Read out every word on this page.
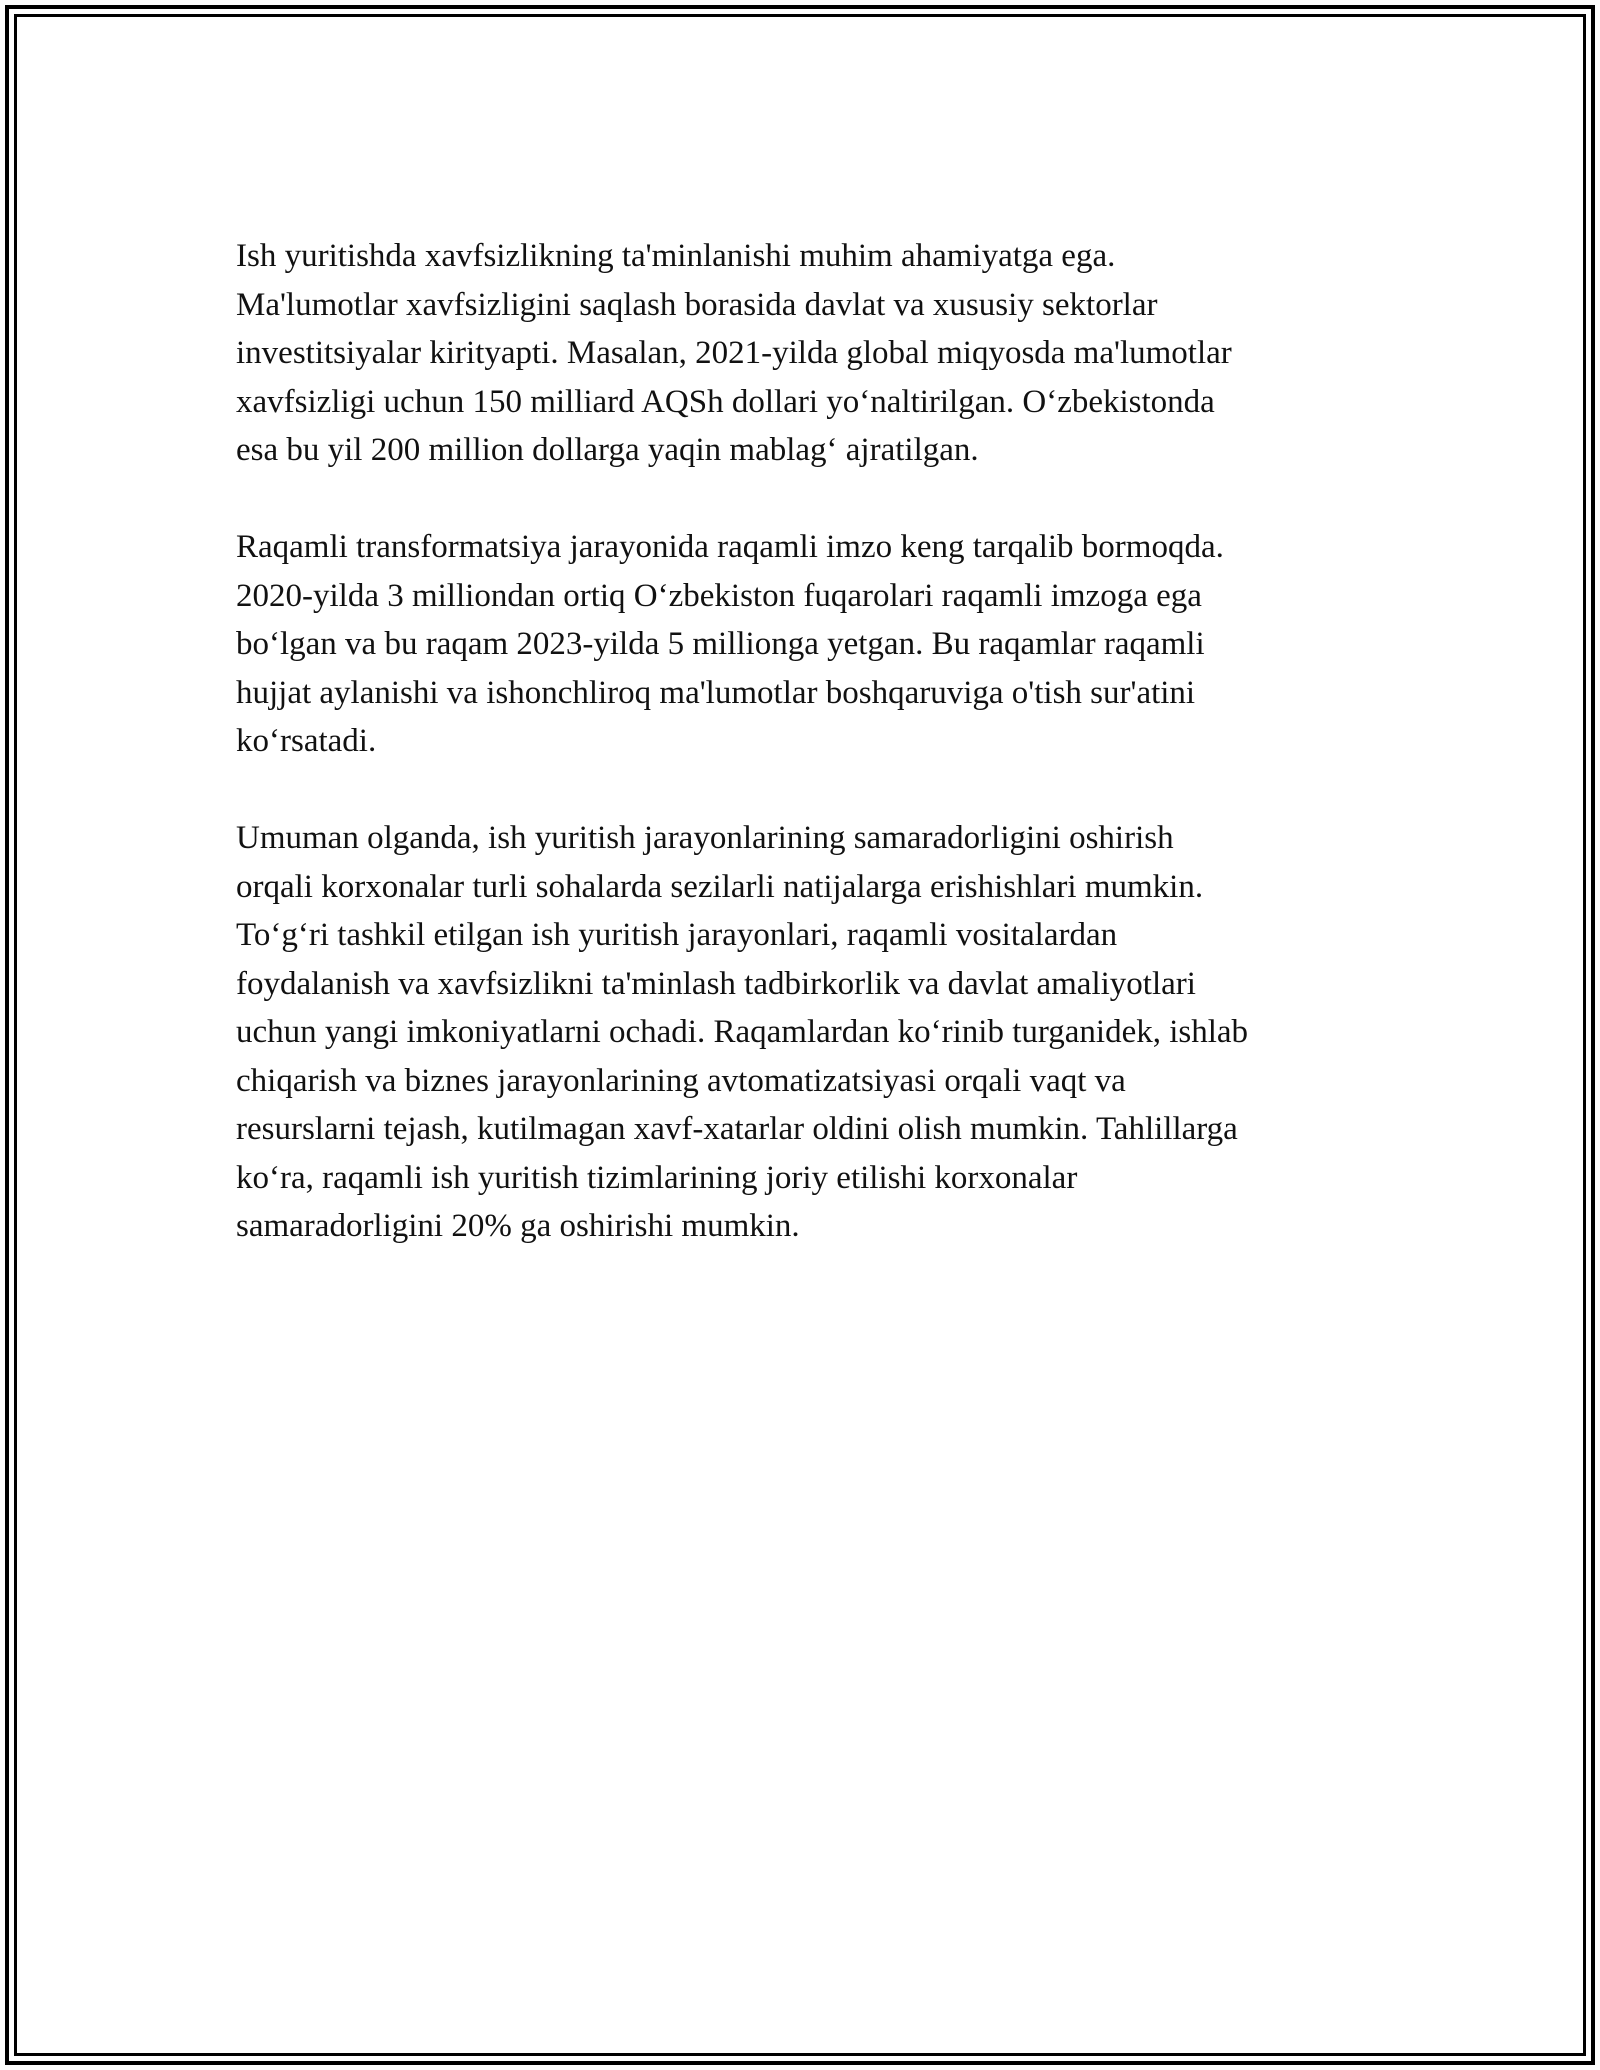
Ish yuritishda xavfsizlikning ta'minlanishi muhim ahamiyatga ega.
Ma'lumotlar xavfsizligini saqlash borasida davlat va xususiy sektorlar
investitsiyalar kirityapti. Masalan, 2021-yilda global miqyosda ma'lumotlar
xavfsizligi uchun 150 milliard AQSh dollari yo‘naltirilgan. O‘zbekistonda
esa bu yil 200 million dollarga yaqin mablag‘ ajratilgan.

Raqamli transformatsiya jarayonida raqamli imzo keng tarqalib bormoqda.
2020-yilda 3 milliondan ortiq O‘zbekiston fuqarolari raqamli imzoga ega
bo‘lgan va bu raqam 2023-yilda 5 millionga yetgan. Bu raqamlar raqamli
hujjat aylanishi va ishonchliroq ma'lumotlar boshqaruviga o'tish sur'atini
ko‘rsatadi.

Umuman olganda, ish yuritish jarayonlarining samaradorligini oshirish
orqali korxonalar turli sohalarda sezilarli natijalarga erishishlari mumkin.
To‘g‘ri tashkil etilgan ish yuritish jarayonlari, raqamli vositalardan
foydalanish va xavfsizlikni ta'minlash tadbirkorlik va davlat amaliyotlari
uchun yangi imkoniyatlarni ochadi. Raqamlardan ko‘rinib turganidek, ishlab
chiqarish va biznes jarayonlarining avtomatizatsiyasi orqali vaqt va
resurslarni tejash, kutilmagan xavf-xatarlar oldini olish mumkin. Tahlillarga
ko‘ra, raqamli ish yuritish tizimlarining joriy etilishi korxonalar
samaradorligini 20% ga oshirishi mumkin.
